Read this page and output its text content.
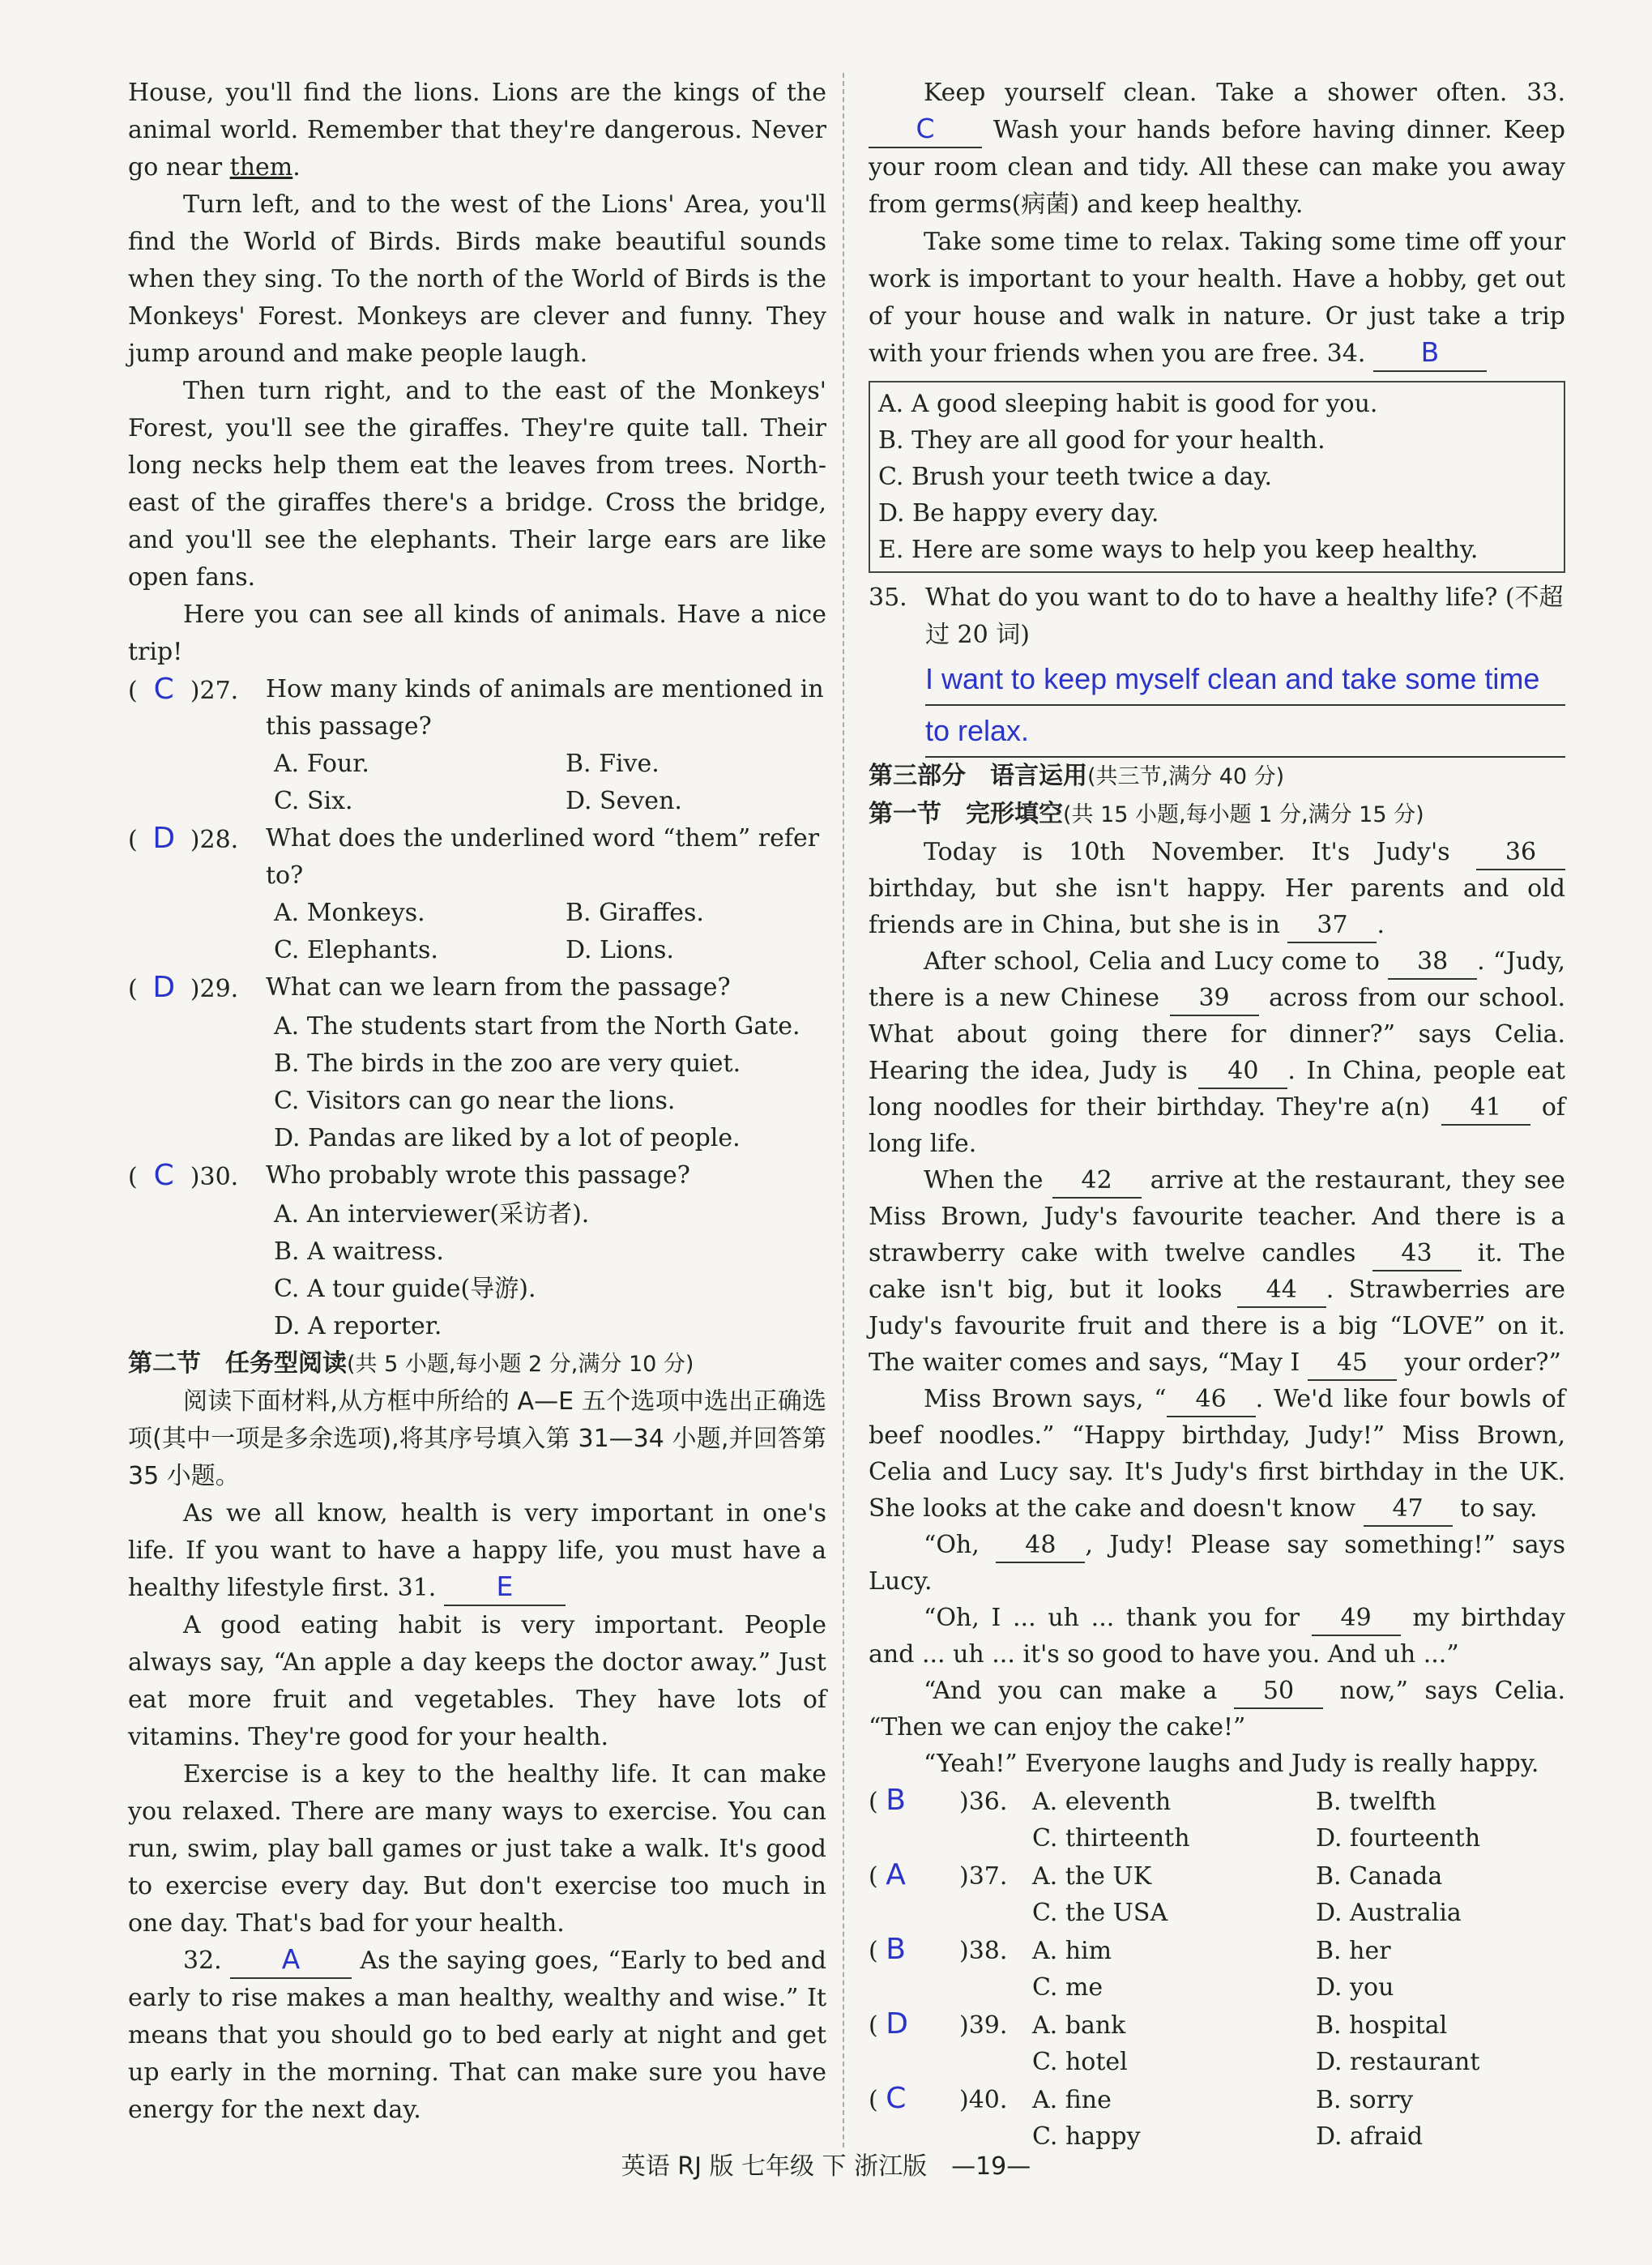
House, you'll find the lions. Lions are the kings of the animal world. Remember that they're dangerous. Never go near them.

Turn left, and to the west of the Lions' Area, you'll find the World of Birds. Birds make beautiful sounds when they sing. To the north of the World of Birds is the Monkeys' Forest. Monkeys are clever and funny. They jump around and make people laugh.

Then turn right, and to the east of the Monkeys' Forest, you'll see the giraffes. They're quite tall. Their long necks help them eat the leaves from trees. North-east of the giraffes there's a bridge. Cross the bridge, and you'll see the elephants. Their large ears are like open fans.

Here you can see all kinds of animals. Have a nice trip!

( C )27.	How many kinds of animals are mentioned in this passage?
A. Four.	B. Five.
C. Six.	D. Seven.
( D )28.	What does the underlined word “them” refer to?
A. Monkeys.	B. Giraffes.
C. Elephants.	D. Lions.
( D )29.	What can we learn from the passage?
A. The students start from the North Gate.
B. The birds in the zoo are very quiet.
C. Visitors can go near the lions.
D. Pandas are liked by a lot of people.
( C )30.	Who probably wrote this passage?
A. An interviewer(采访者).
B. A waitress.
C. A tour guide(导游).
D. A reporter.
第二节　任务型阅读(共 5 小题,每小题 2 分,满分 10 分)

阅读下面材料,从方框中所给的 A—E 五个选项中选出正确选项(其中一项是多余选项),将其序号填入第 31—34 小题,并回答第 35 小题。

As we all know, health is very important in one's life. If you want to have a happy life, you must have a healthy lifestyle first. 31. E

A good eating habit is very important. People always say, “An apple a day keeps the doctor away.” Just eat more fruit and vegetables. They have lots of vitamins. They're good for your health.

Exercise is a key to the healthy life. It can make you relaxed. There are many ways to exercise. You can run, swim, play ball games or just take a walk. It's good to exercise every day. But don't exercise too much in one day. That's bad for your health.

32. A As the saying goes, “Early to bed and early to rise makes a man healthy, wealthy and wise.” It means that you should go to bed early at night and get up early in the morning. That can make sure you have energy for the next day.

Keep yourself clean. Take a shower often. 33. C Wash your hands before having dinner. Keep your room clean and tidy. All these can make you away from germs(病菌) and keep healthy.

Take some time to relax. Taking some time off your work is important to your health. Have a hobby, get out of your house and walk in nature. Or just take a trip with your friends when you are free. 34. B

A. A good sleeping habit is good for you.
B. They are all good for your health.
C. Brush your teeth twice a day.
D. Be happy every day.
E. Here are some ways to help you keep healthy.
35. What do you want to do to have a healthy life? (不超过 20 词)
I want to keep myself clean and take some time
to relax.
第三部分　语言运用(共三节,满分 40 分)
第一节　完形填空(共 15 小题,每小题 1 分,满分 15 分)

Today is 10th November. It's Judy's 36 birthday, but she isn't happy. Her parents and old friends are in China, but she is in 37 .

After school, Celia and Lucy come to 38 . “Judy, there is a new Chinese 39 across from our school. What about going there for dinner?” says Celia. Hearing the idea, Judy is 40 . In China, people eat long noodles for their birthday. They're a(n) 41 of long life.

When the 42 arrive at the restaurant, they see Miss Brown, Judy's favourite teacher. And there is a strawberry cake with twelve candles 43 it. The cake isn't big, but it looks 44 . Strawberries are Judy's favourite fruit and there is a big “LOVE” on it. The waiter comes and says, “May I 45 your order?”

Miss Brown says, “ 46 . We'd like four bowls of beef noodles.” “Happy birthday, Judy!” Miss Brown, Celia and Lucy say. It's Judy's first birthday in the UK. She looks at the cake and doesn't know 47 to say.

“Oh, 48 , Judy! Please say something!” says Lucy.

“Oh, I ... uh ... thank you for 49 my birthday and ... uh ... it's so good to have you. And uh ...”

“And you can make a 50 now,” says Celia. “Then we can enjoy the cake!”

“Yeah!” Everyone laughs and Judy is really happy.

( B	)36.	A. eleventh	B. twelfth
C. thirteenth	D. fourteenth
( A	)37.	A. the UK	B. Canada
C. the USA	D. Australia
( B	)38.	A. him	B. her
C. me	D. you
( D	)39.	A. bank	B. hospital
C. hotel	D. restaurant
( C	)40.	A. fine	B. sorry
C. happy	D. afraid
英语 RJ 版 七年级 下 浙江版　—19—
